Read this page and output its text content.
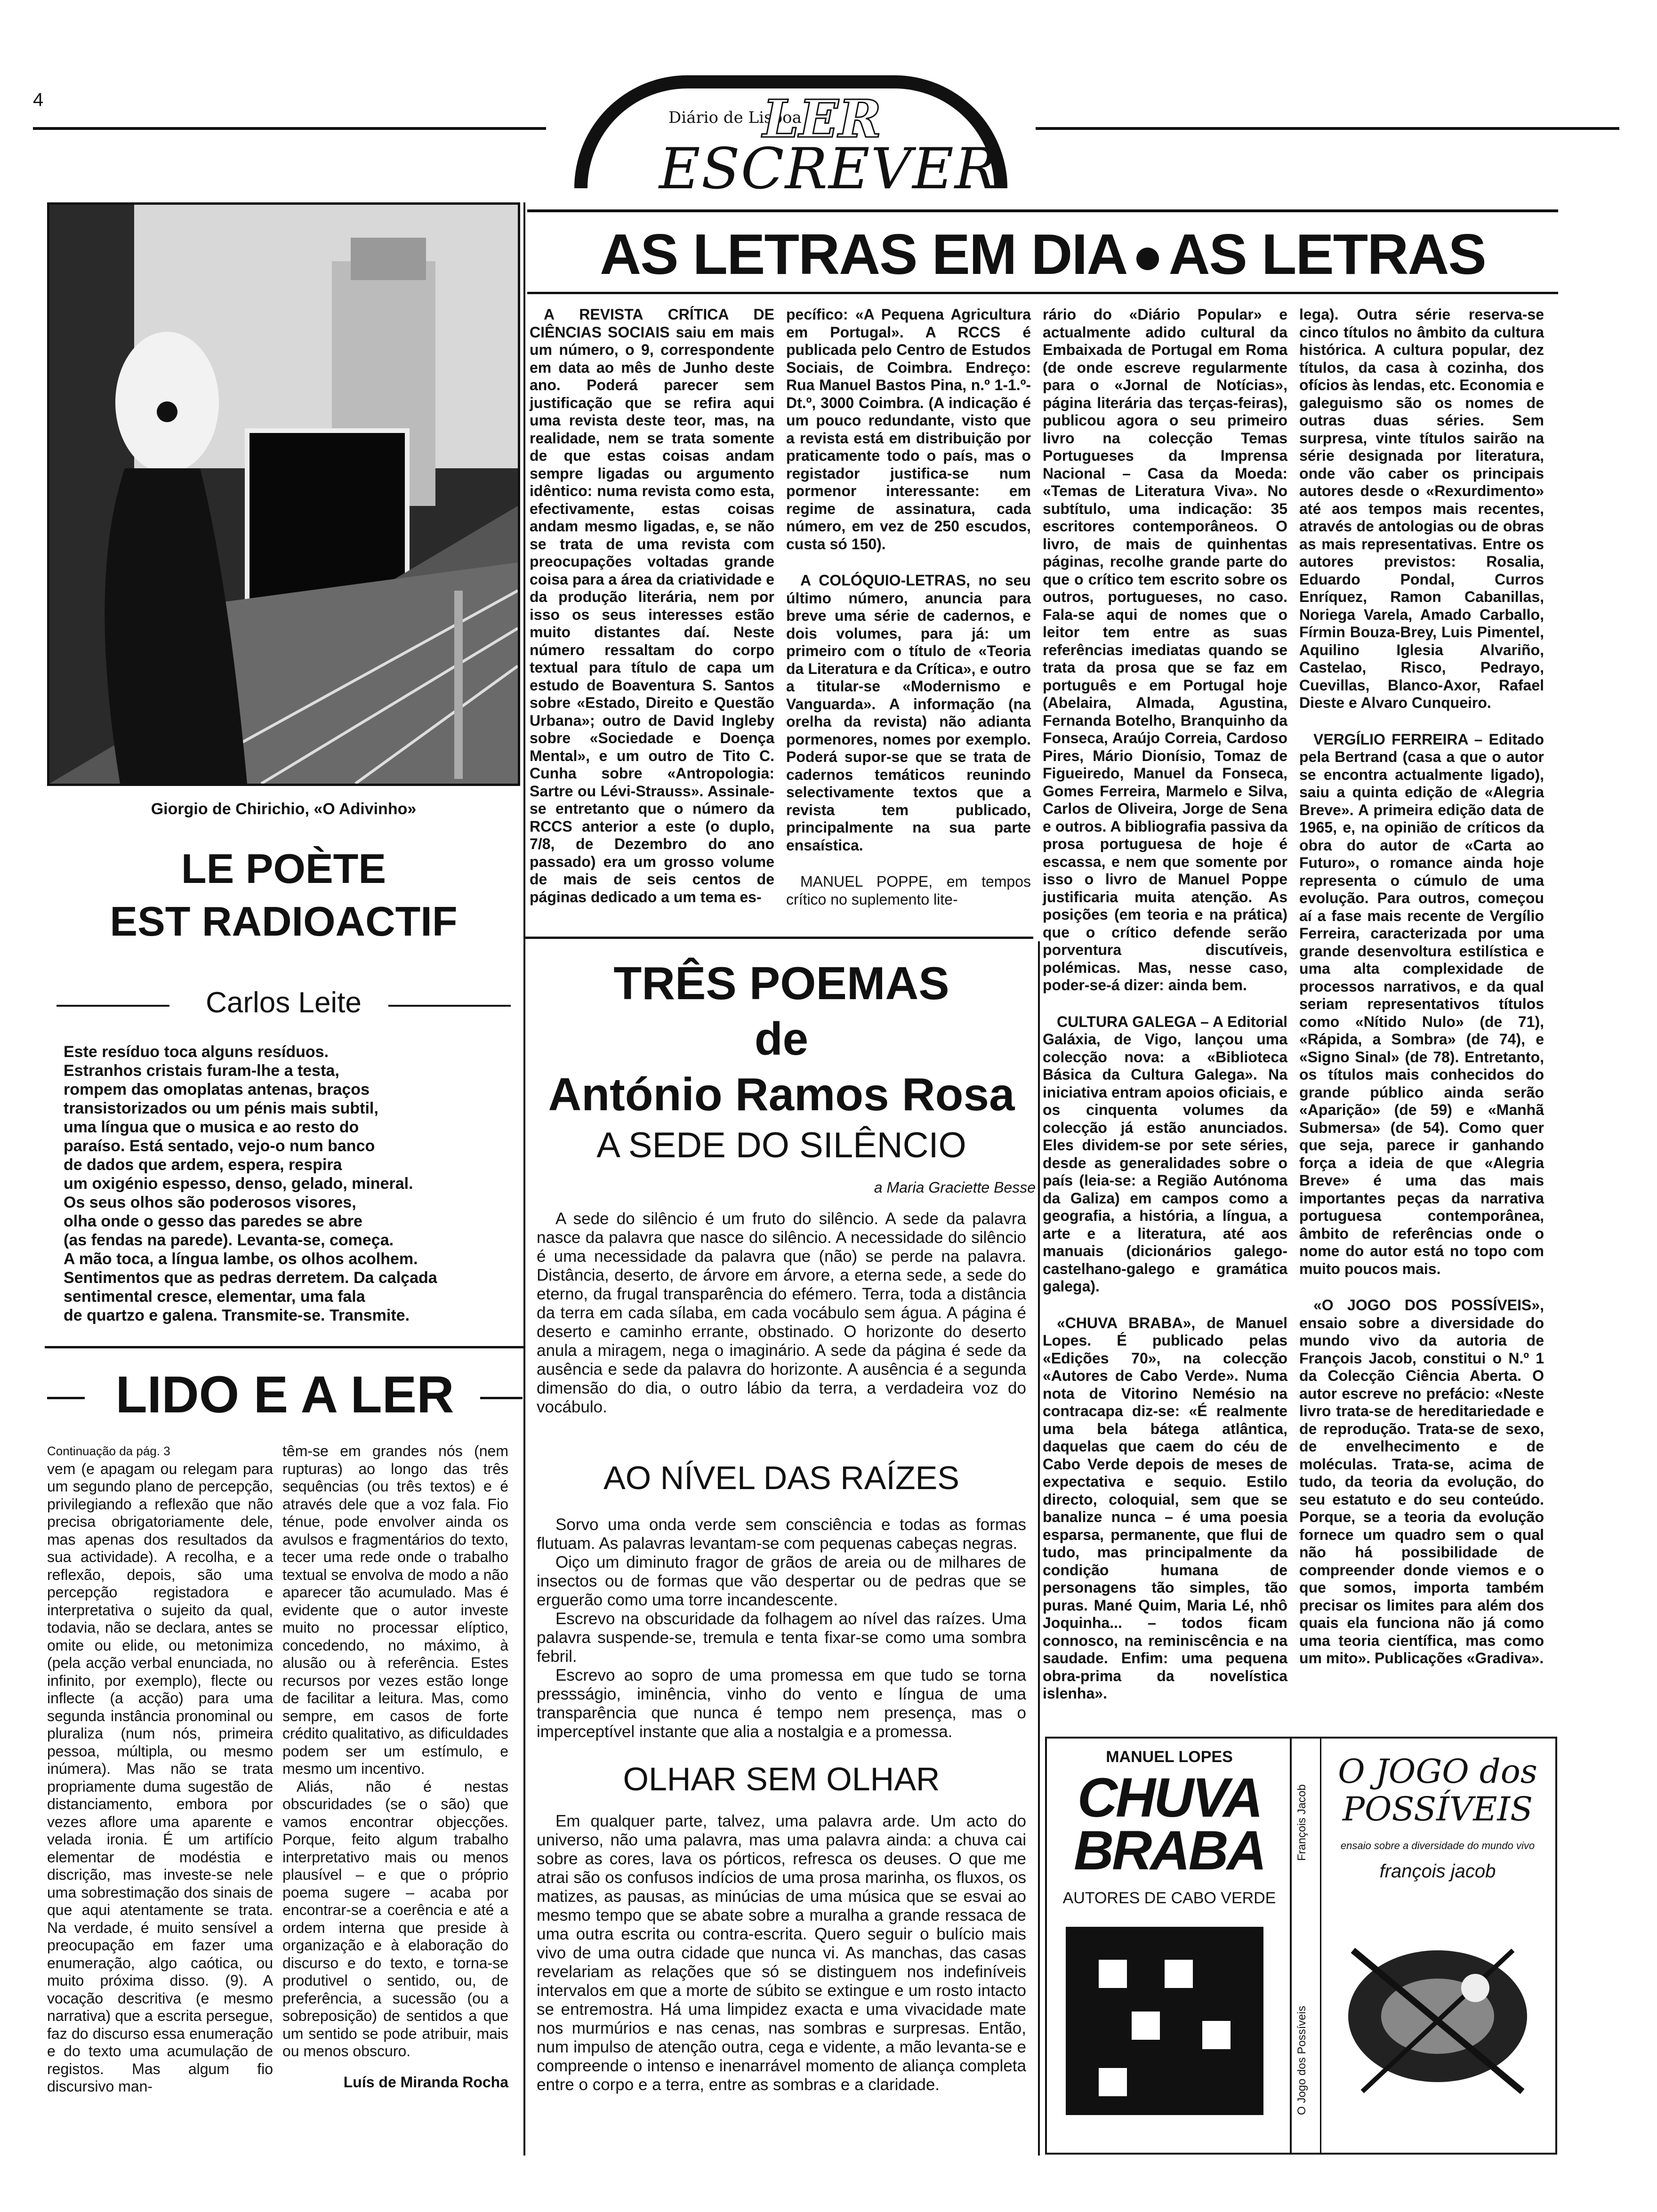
4
Diário de Lisboa
LER
ESCREVER
Giorgio de Chirichio, «O Adivinho»
LE POÈTE
EST RADIOACTIF
Carlos Leite
Este resíduo toca alguns resíduos.
Estranhos cristais furam-lhe a testa,
rompem das omoplatas antenas, braços
transistorizados ou um pénis mais subtil,
uma língua que o musica e ao resto do
paraíso. Está sentado, vejo-o num banco
de dados que ardem, espera, respira
um oxigénio espesso, denso, gelado, mineral.
Os seus olhos são poderosos visores,
olha onde o gesso das paredes se abre
(as fendas na parede). Levanta-se, começa.
A mão toca, a língua lambe, os olhos acolhem.
Sentimentos que as pedras derretem. Da calçada
sentimental cresce, elementar, uma fala
de quartzo e galena. Transmite-se. Transmite.
LIDO E A LER
Continuação da pág. 3
vem (e apagam ou relegam para um segundo plano de percepção, privilegiando a reflexão que não precisa obrigatoriamente dele, mas apenas dos resultados da sua actividade). A recolha, e a reflexão, depois, são uma percepção registadora e interpretativa o sujeito da qual, todavia, não se declara, antes se omite ou elide, ou metonimiza (pela acção verbal enunciada, no infinito, por exemplo), flecte ou inflecte (a acção) para uma segunda instância pronominal ou pluraliza (num nós, primeira pessoa, múltipla, ou mesmo inúmera). Mas não se trata propriamente duma sugestão de distanciamento, embora por vezes aflore uma aparente e velada ironia. É um artifício elementar de modéstia e discrição, mas investe-se nele uma sobrestimação dos sinais de que aqui atentamente se trata. Na verdade, é muito sensível a preocupação em fazer uma enumeração, algo caótica, ou muito próxima disso. (9). A vocação descritiva (e mesmo narrativa) que a escrita persegue, faz do discurso essa enumeração e do texto uma acumulação de registos. Mas algum fio discursivo man-

têm-se em grandes nós (nem rupturas) ao longo das três sequências (ou três textos) e é através dele que a voz fala. Fio ténue, pode envolver ainda os avulsos e fragmentários do texto, tecer uma rede onde o trabalho textual se envolva de modo a não aparecer tão acumulado. Mas é evidente que o autor investe muito no processar elíptico, concedendo, no máximo, à alusão ou à referência. Estes recursos por vezes estão longe de facilitar a leitura. Mas, como sempre, em casos de forte crédito qualitativo, as dificuldades podem ser um estímulo, e mesmo um incentivo.

Aliás, não é nestas obscuridades (se o são) que vamos encontrar objecções. Porque, feito algum trabalho interpretativo mais ou menos plausível – e que o próprio poema sugere – acaba por encontrar-se a coerência e até a ordem interna que preside à organização e à elaboração do discurso e do texto, e torna-se produtivel o sentido, ou, de preferência, a sucessão (ou a sobreposição) de sentidos a que um sentido se pode atribuir, mais ou menos obscuro.

Luís de Miranda Rocha
AS LETRAS EM DIA AS LETRAS

A REVISTA CRÍTICA DE CIÊNCIAS SOCIAIS saiu em mais um número, o 9, correspondente em data ao mês de Junho deste ano. Poderá parecer sem justificação que se refira aqui uma revista deste teor, mas, na realidade, nem se trata somente de que estas coisas andam sempre ligadas ou argumento idêntico: numa revista como esta, efectivamente, estas coisas andam mesmo ligadas, e, se não se trata de uma revista com preocupações voltadas grande coisa para a área da criatividade e da produção literária, nem por isso os seus interesses estão muito distantes daí. Neste número ressaltam do corpo textual para título de capa um estudo de Boaventura S. Santos sobre «Estado, Direito e Questão Urbana»; outro de David Ingleby sobre «Sociedade e Doença Mental», e um outro de Tito C. Cunha sobre «Antropologia: Sartre ou Lévi-Strauss». Assinale-se entretanto que o número da RCCS anterior a este (o duplo, 7/8, de Dezembro do ano passado) era um grosso volume de mais de seis centos de páginas dedicado a um tema es-

pecífico: «A Pequena Agricultura em Portugal». A RCCS é publicada pelo Centro de Estudos Sociais, de Coimbra. Endreço: Rua Manuel Bastos Pina, n.º 1-1.º-Dt.º, 3000 Coimbra. (A indicação é um pouco redundante, visto que a revista está em distribuição por praticamente todo o país, mas o registador justifica-se num pormenor interessante: em regime de assinatura, cada número, em vez de 250 escudos, custa só 150).

A COLÓQUIO-LETRAS, no seu último número, anuncia para breve uma série de cadernos, e dois volumes, para já: um primeiro com o título de «Teoria da Literatura e da Crítica», e outro a titular-se «Modernismo e Vanguarda». A informação (na orelha da revista) não adianta pormenores, nomes por exemplo. Poderá supor-se que se trata de cadernos temáticos reunindo selectivamente textos que a revista tem publicado, principalmente na sua parte ensaística.

MANUEL POPPE, em tempos crítico no suplemento lite-

rário do «Diário Popular» e actualmente adido cultural da Embaixada de Portugal em Roma (de onde escreve regularmente para o «Jornal de Notícias», página literária das terças-feiras), publicou agora o seu primeiro livro na colecção Temas Portugueses da Imprensa Nacional – Casa da Moeda: «Temas de Literatura Viva». No subtítulo, uma indicação: 35 escritores contemporâneos. O livro, de mais de quinhentas páginas, recolhe grande parte do que o crítico tem escrito sobre os outros, portugueses, no caso. Fala-se aqui de nomes que o leitor tem entre as suas referências imediatas quando se trata da prosa que se faz em português e em Portugal hoje (Abelaira, Almada, Agustina, Fernanda Botelho, Branquinho da Fonseca, Araújo Correia, Cardoso Pires, Mário Dionísio, Tomaz de Figueiredo, Manuel da Fonseca, Gomes Ferreira, Marmelo e Silva, Carlos de Oliveira, Jorge de Sena e outros. A bibliografia passiva da prosa portuguesa de hoje é escassa, e nem que somente por isso o livro de Manuel Poppe justificaria muita atenção. As posições (em teoria e na prática) que o crítico defende serão porventura discutíveis, polémicas. Mas, nesse caso, poder-se-á dizer: ainda bem.

CULTURA GALEGA – A Editorial Galáxia, de Vigo, lançou uma colecção nova: a «Biblioteca Básica da Cultura Galega». Na iniciativa entram apoios oficiais, e os cinquenta volumes da colecção já estão anunciados. Eles dividem-se por sete séries, desde as generalidades sobre o país (leia-se: a Região Autónoma da Galiza) em campos como a geografia, a história, a língua, a arte e a literatura, até aos manuais (dicionários galego-castelhano-galego e gramática galega).

«CHUVA BRABA», de Manuel Lopes. É publicado pelas «Edições 70», na colecção «Autores de Cabo Verde». Numa nota de Vitorino Nemésio na contracapa diz-se: «É realmente uma bela bátega atlântica, daquelas que caem do céu de Cabo Verde depois de meses de expectativa e sequio. Estilo directo, coloquial, sem que se banalize nunca – é uma poesia esparsa, permanente, que flui de tudo, mas principalmente da condição humana de personagens tão simples, tão puras. Mané Quim, Maria Lé, nhô Joquinha... – todos ficam connosco, na reminiscência e na saudade. Enfim: uma pequena obra-prima da novelística islenha».

lega). Outra série reserva-se cinco títulos no âmbito da cultura histórica. A cultura popular, dez títulos, da casa à cozinha, dos ofícios às lendas, etc. Economia e galeguismo são os nomes de outras duas séries. Sem surpresa, vinte títulos sairão na série designada por literatura, onde vão caber os principais autores desde o «Rexurdimento» até aos tempos mais recentes, através de antologias ou de obras as mais representativas. Entre os autores previstos: Rosalia, Eduardo Pondal, Curros Enríquez, Ramon Cabanillas, Noriega Varela, Amado Carballo, Fírmin Bouza-Brey, Luis Pimentel, Aquilino Iglesia Alvariño, Castelao, Risco, Pedrayo, Cuevillas, Blanco-Axor, Rafael Dieste e Alvaro Cunqueiro.

VERGÍLIO FERREIRA – Editado pela Bertrand (casa a que o autor se encontra actualmente ligado), saiu a quinta edição de «Alegria Breve». A primeira edição data de 1965, e, na opinião de críticos da obra do autor de «Carta ao Futuro», o romance ainda hoje representa o cúmulo de uma evolução. Para outros, começou aí a fase mais recente de Vergílio Ferreira, caracterizada por uma grande desenvoltura estilística e uma alta complexidade de processos narrativos, e da qual seriam representativos títulos como «Nítido Nulo» (de 71), «Rápida, a Sombra» (de 74), e «Signo Sinal» (de 78). Entretanto, os títulos mais conhecidos do grande público ainda serão «Aparição» (de 59) e «Manhã Submersa» (de 54). Como quer que seja, parece ir ganhando força a ideia de que «Alegria Breve» é uma das mais importantes peças da narrativa portuguesa contemporânea, âmbito de referências onde o nome do autor está no topo com muito poucos mais.

«O JOGO DOS POSSÍVEIS», ensaio sobre a diversidade do mundo vivo da autoria de François Jacob, constitui o N.º 1 da Colecção Ciência Aberta. O autor escreve no prefácio: «Neste livro trata-se de hereditariedade e de reprodução. Trata-se de sexo, de envelhecimento e de moléculas. Trata-se, acima de tudo, da teoria da evolução, do seu estatuto e do seu conteúdo. Porque, se a teoria da evolução fornece um quadro sem o qual não há possibilidade de compreender donde viemos e o que somos, importa também precisar os limites para além dos quais ela funciona não já como uma teoria científica, mas como um mito». Publicações «Gradiva».

TRÊS POEMAS
de
António Ramos Rosa
A SEDE DO SILÊNCIO
a Maria Graciette Besse

A sede do silêncio é um fruto do silêncio. A sede da palavra nasce da palavra que nasce do silêncio. A necessidade do silêncio é uma necessidade da palavra que (não) se perde na palavra. Distância, deserto, de árvore em árvore, a eterna sede, a sede do eterno, da frugal transparência do efémero. Terra, toda a distância da terra em cada sílaba, em cada vocábulo sem água. A página é deserto e caminho errante, obstinado. O horizonte do deserto anula a miragem, nega o imaginário. A sede da página é sede da ausência e sede da palavra do horizonte. A ausência é a segunda dimensão do dia, o outro lábio da terra, a verdadeira voz do vocábulo.

AO NÍVEL DAS RAÍZES

Sorvo uma onda verde sem consciência e todas as formas flutuam. As palavras levantam-se com pequenas cabeças negras.

Oiço um diminuto fragor de grãos de areia ou de milhares de insectos ou de formas que vão despertar ou de pedras que se erguerão como uma torre incandescente.

Escrevo na obscuridade da folhagem ao nível das raízes. Uma palavra suspende-se, tremula e tenta fixar-se como uma sombra febril.

Escrevo ao sopro de uma promessa em que tudo se torna pressságio, iminência, vinho do vento e língua de uma transparência que nunca é tempo nem presença, mas o imperceptível instante que alia a nostalgia e a promessa.

OLHAR SEM OLHAR

Em qualquer parte, talvez, uma palavra arde. Um acto do universo, não uma palavra, mas uma palavra ainda: a chuva cai sobre as cores, lava os pórticos, refresca os deuses. O que me atrai são os confusos indícios de uma prosa marinha, os fluxos, os matizes, as pausas, as minúcias de uma música que se esvai ao mesmo tempo que se abate sobre a muralha a grande ressaca de uma outra escrita ou contra-escrita. Quero seguir o bulício mais vivo de uma outra cidade que nunca vi. As manchas, das casas revelariam as relações que só se distinguem nos indefiníveis intervalos em que a morte de súbito se extingue e um rosto intacto se entremostra. Há uma limpidez exacta e uma vivacidade mate nos murmúrios e nas cenas, nas sombras e surpresas. Então, num impulso de atenção outra, cega e vidente, a mão levanta-se e compreende o intenso e inenarrável momento de aliança completa entre o corpo e a terra, entre as sombras e a claridade.

MANUEL LOPES
CHUVA
BRABA
AUTORES DE CABO VERDE
François Jacob
O Jogo dos Possíveis
O JOGO dos POSSÍVEIS
ensaio sobre a diversidade do mundo vivo
françois jacob
